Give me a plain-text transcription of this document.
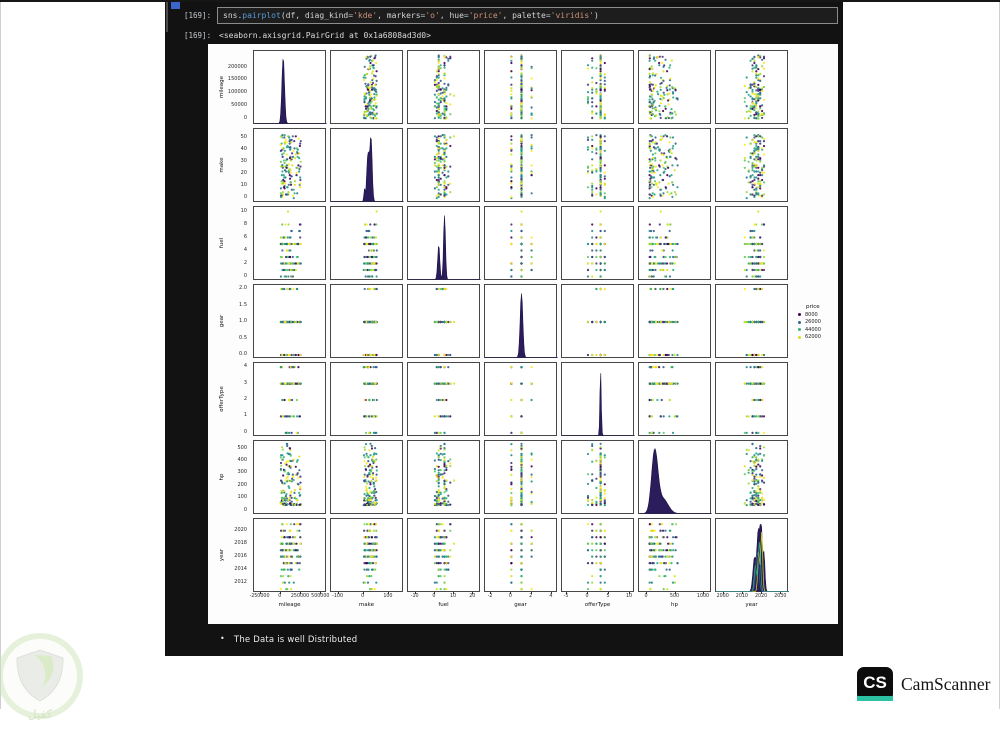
[169]:	sns.pairplot(df, diag_kind='kde', markers='o', hue='price', palette='viridis')
[169]: <seaborn.axisgrid.PairGrid at 0x1a6808ad3d0>
0
50000
100000
150000
200000
mileage
0
10
20
30
40
50
make
0
2
4
6
8
10
fuel
0.0
0.5
1.0
1.5
2.0
gear
0
1
2
3
4
offerType
0
100
200
300
400
500
hp
2012
2014
2016
2018
2020
year
-250000 0 250000 500000
mileage
-100	0	100
make
-10	0	10	20
fuel
-2	0	2	4
gear
-5	0	5	10
offerType
0	500	1000
hp
2000 2010 2020 2030
year
price
8000
26000
44000
62000
• The Data is well Distributed
كفيل
CS CamScanner
